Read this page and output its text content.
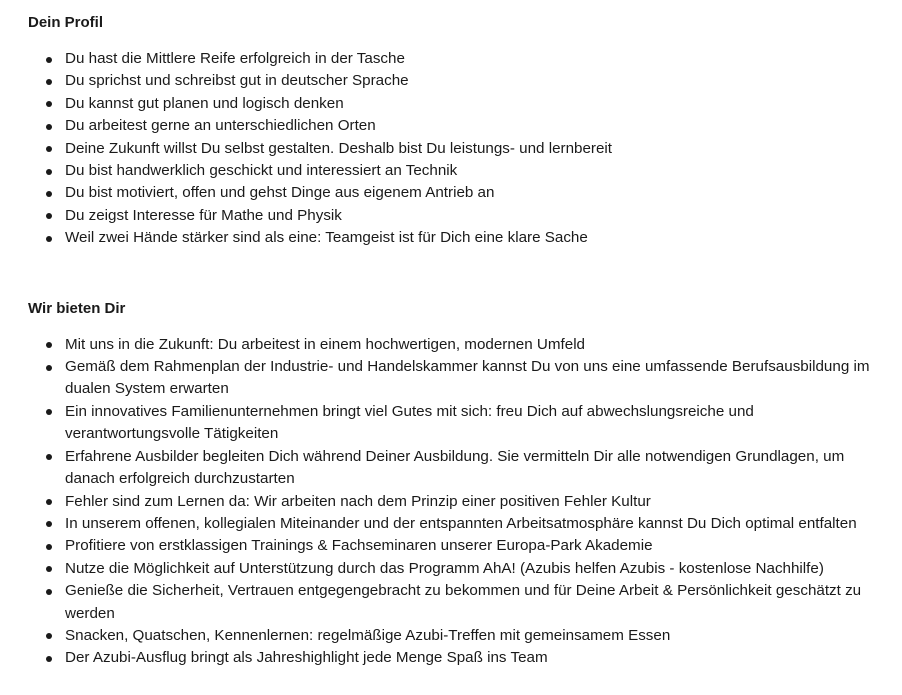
Dein Profil
Du hast die Mittlere Reife erfolgreich in der Tasche
Du sprichst und schreibst gut in deutscher Sprache
Du kannst gut planen und logisch denken
Du arbeitest gerne an unterschiedlichen Orten
Deine Zukunft willst Du selbst gestalten. Deshalb bist Du leistungs- und lernbereit
Du bist handwerklich geschickt und interessiert an Technik
Du bist motiviert, offen und gehst Dinge aus eigenem Antrieb an
Du zeigst Interesse für Mathe und Physik
Weil zwei Hände stärker sind als eine: Teamgeist ist für Dich eine klare Sache
Wir bieten Dir
Mit uns in die Zukunft: Du arbeitest in einem hochwertigen, modernen Umfeld
Gemäß dem Rahmenplan der Industrie- und Handelskammer kannst Du von uns eine umfassende Berufsausbildung im dualen System erwarten
Ein innovatives Familienunternehmen bringt viel Gutes mit sich: freu Dich auf abwechslungsreiche und verantwortungsvolle Tätigkeiten
Erfahrene Ausbilder begleiten Dich während Deiner Ausbildung. Sie vermitteln Dir alle notwendigen Grundlagen, um danach erfolgreich durchzustarten
Fehler sind zum Lernen da: Wir arbeiten nach dem Prinzip einer positiven Fehler Kultur
In unserem offenen, kollegialen Miteinander und der entspannten Arbeitsatmosphäre kannst Du Dich optimal entfalten
Profitiere von erstklassigen Trainings & Fachseminaren unserer Europa-Park Akademie
Nutze die Möglichkeit auf Unterstützung durch das Programm AhA! (Azubis helfen Azubis - kostenlose Nachhilfe)
Genieße die Sicherheit, Vertrauen entgegengebracht zu bekommen und für Deine Arbeit & Persönlichkeit geschätzt zu werden
Snacken, Quatschen, Kennenlernen: regelmäßige Azubi-Treffen mit gemeinsamem Essen
Der Azubi-Ausflug bringt als Jahreshighlight jede Menge Spaß ins Team
